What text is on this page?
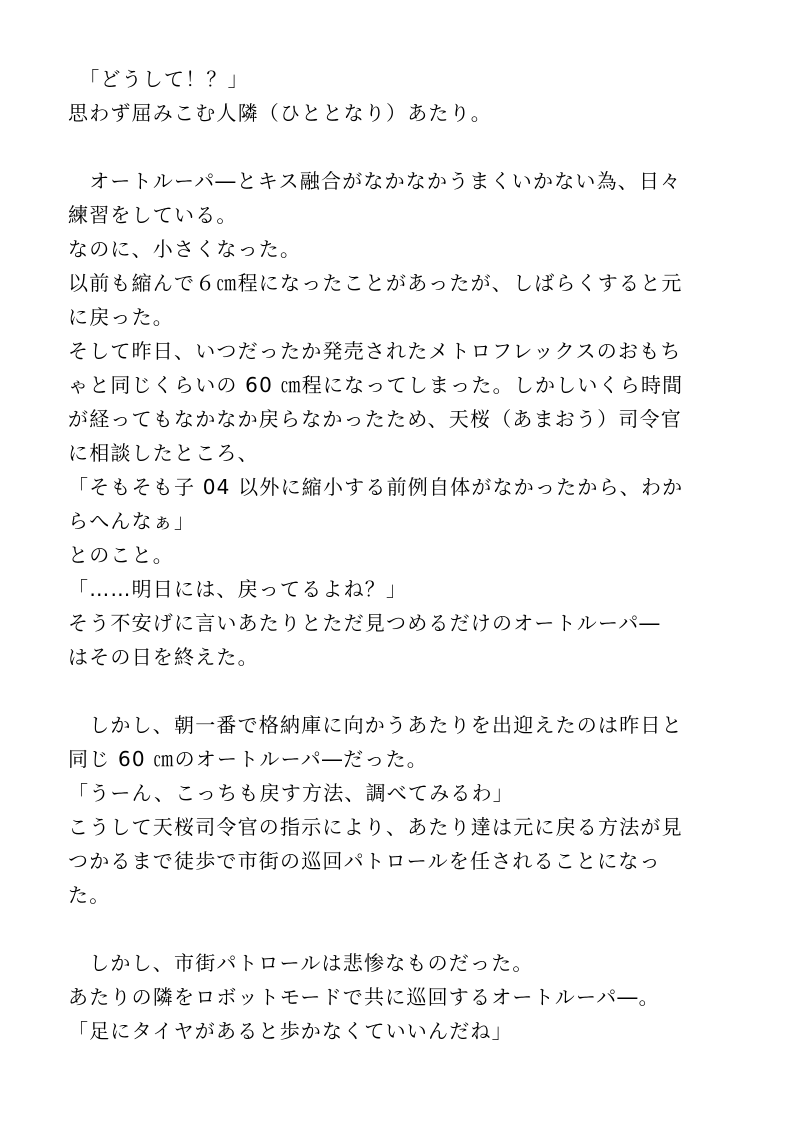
　「どうして！？」
思わず屈みこむ人隣（ひととなり）あたり。
　オートルーパ―とキス融合がなかなかうまくいかない為、日々
練習をしている。
なのに、小さくなった。
以前も縮んで６㎝程になったことがあったが、しばらくすると元
に戻った。
そして昨日、いつだったか発売されたメトロフレックスのおもち
ゃと同じくらいの 60 ㎝程になってしまった。しかしいくら時間
が経ってもなかなか戻らなかったため、天桜（あまおう）司令官
に相談したところ、
「そもそも子 04 以外に縮小する前例自体がなかったから、わか
らへんなぁ」
とのこと。
「……明日には、戻ってるよね？」
そう不安げに言いあたりとただ見つめるだけのオートルーパ―
はその日を終えた。
　しかし、朝一番で格納庫に向かうあたりを出迎えたのは昨日と
同じ 60 ㎝のオートルーパ―だった。
「うーん、こっちも戻す方法、調べてみるわ」
こうして天桜司令官の指示により、あたり達は元に戻る方法が見
つかるまで徒歩で市街の巡回パトロールを任されることになっ
た。
　しかし、市街パトロールは悲惨なものだった。
あたりの隣をロボットモードで共に巡回するオートルーパ―。
「足にタイヤがあると歩かなくていいんだね」
